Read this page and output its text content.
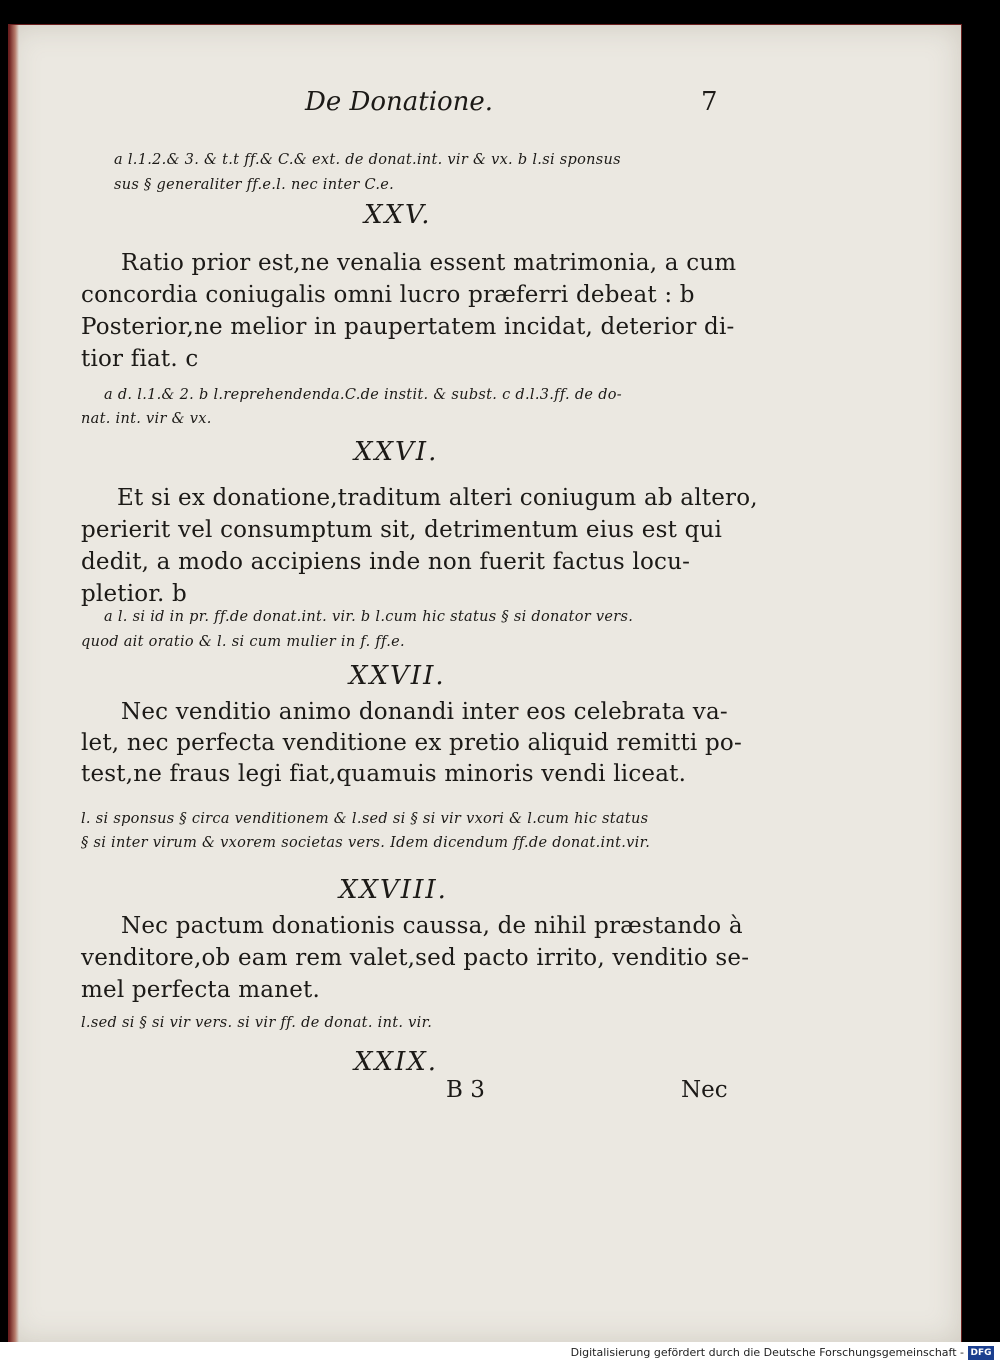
De Donatione.	7
a l.1.2.& 3. & t.t ff.& C.& ext. de donat.int. vir & vx. b l.si sponsus
sus § generaliter ff.e.l. nec inter C.e.
XXV.
Ratio prior est,ne venalia essent matrimonia, a cum
concordia coniugalis omni lucro præferri debeat : b
Posterior,ne melior in paupertatem incidat, deterior di-
tior fiat. c
a d. l.1.& 2. b l.reprehendenda.C.de instit. & subst. c d.l.3.ff. de do-
nat. int. vir & vx.
XXVI.
Et si ex donatione,traditum alteri coniugum ab altero,
perierit vel consumptum sit, detrimentum eius est qui
dedit, a modo accipiens inde non fuerit factus locu-
pletior. b
a l. si id in pr. ff.de donat.int. vir. b l.cum hic status § si donator vers.
quod ait oratio & l. si cum mulier in f. ff.e.
XXVII.
Nec venditio animo donandi inter eos celebrata va-
let, nec perfecta venditione ex pretio aliquid remitti po-
test,ne fraus legi fiat,quamuis minoris vendi liceat.
l. si sponsus § circa venditionem & l.sed si § si vir vxori & l.cum hic status
§ si inter virum & vxorem societas vers. Idem dicendum ff.de donat.int.vir.
XXVIII.
Nec pactum donationis caussa, de nihil præstando à
venditore,ob eam rem valet,sed pacto irrito, venditio se-
mel perfecta manet.
l.sed si § si vir vers. si vir ff. de donat. int. vir.
XXIX.
B 3	Nec
Digitalisierung gefördert durch die Deutsche Forschungsgemeinschaft - DFG
